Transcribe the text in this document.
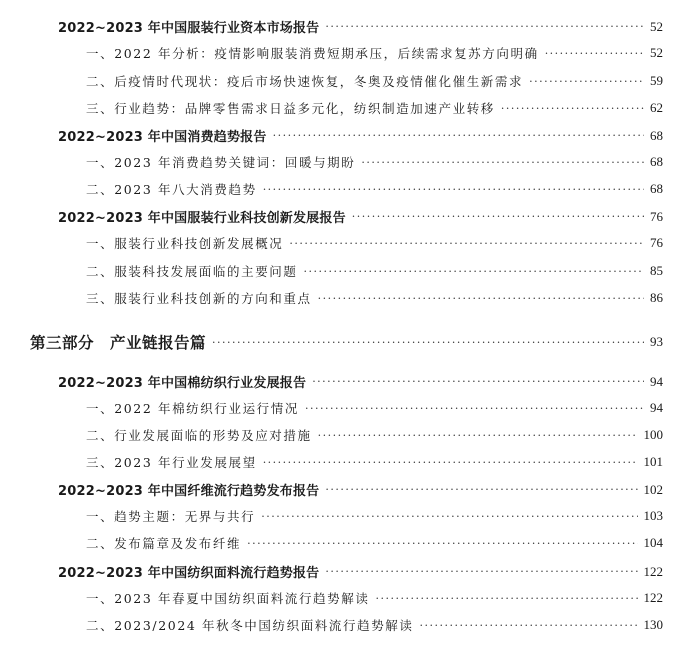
2022~2023 年中国服装行业资本市场报告 ·····	52
一、2022 年分析：疫情影响服装消费短期承压，后续需求复苏方向明确 ·····	52
二、后疫情时代现状：疫后市场快速恢复，冬奥及疫情催化催生新需求 ·····	59
三、行业趋势：品牌零售需求日益多元化，纺织制造加速产业转移 ·····	62
2022~2023 年中国消费趋势报告 ·····	68
一、2023 年消费趋势关键词：回暖与期盼 ·····	68
二、2023 年八大消费趋势 ·····	68
2022~2023 年中国服装行业科技创新发展报告 ·····	76
一、服装行业科技创新发展概况 ·····	76
二、服装科技发展面临的主要问题 ·····	85
三、服装行业科技创新的方向和重点 ·····	86
第三部分 产业链报告篇 ·····	93
2022~2023 年中国棉纺织行业发展报告 ·····	94
一、2022 年棉纺织行业运行情况 ·····	94
二、行业发展面临的形势及应对措施 ·····	100
三、2023 年行业发展展望 ·····	101
2022~2023 年中国纤维流行趋势发布报告 ·····	102
一、趋势主题：无界与共行 ·····	103
二、发布篇章及发布纤维 ·····	104
2022~2023 年中国纺织面料流行趋势报告 ·····	122
一、2023 年春夏中国纺织面料流行趋势解读 ·····	122
二、2023/2024 年秋冬中国纺织面料流行趋势解读 ·····	130
